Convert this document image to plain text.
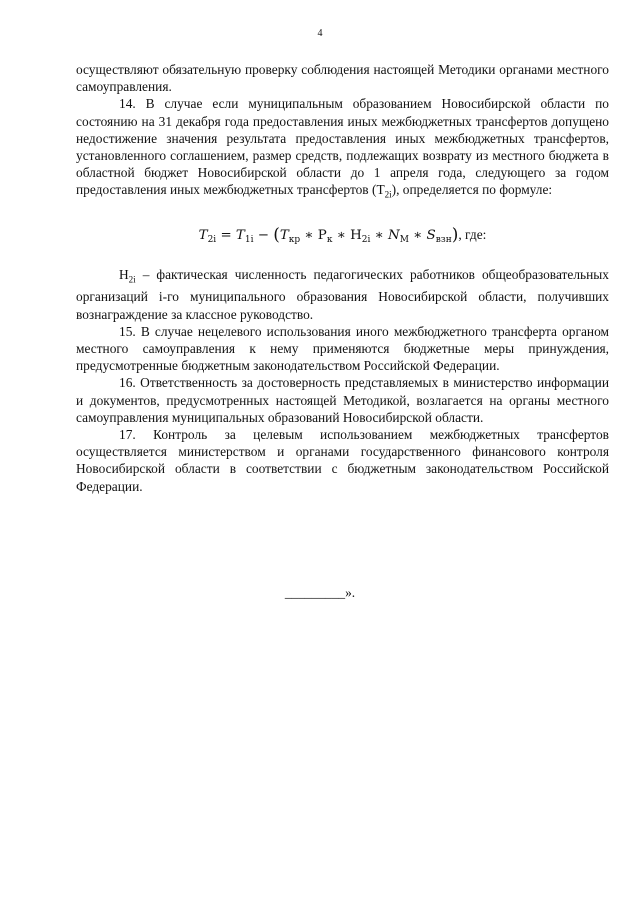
4

осуществляют обязательную проверку соблюдения настоящей Методики органами местного самоуправления.

14. В случае если муниципальным образованием Новосибирской области по состоянию на 31 декабря года предоставления иных межбюджетных трансфертов допущено недостижение значения результата предоставления иных межбюджетных трансфертов, установленного соглашением, размер средств, подлежащих возврату из местного бюджета в областной бюджет Новосибирской области до 1 апреля года, следующего за годом предоставления иных межбюджетных трансфертов $(Т_{2i})$, определяется по формуле:

$T_{2i} = T_{1i} - (T_{кр}$ ∗ $Р_к$ ∗ $Н_{2i}$ ∗ $N_M$ ∗ $S_{взн}$), где:

$Н_{2i}$ – фактическая численность педагогических работников общеобразовательных организаций i-го муниципального образования Новосибирской области, получивших вознаграждение за классное руководство.

15. В случае нецелевого использования иного межбюджетного трансферта органом местного самоуправления к нему применяются бюджетные меры принуждения, предусмотренные бюджетным законодательством Российской Федерации.

16. Ответственность за достоверность представляемых в министерство информации и документов, предусмотренных настоящей Методикой, возлагается на органы местного самоуправления муниципальных образований Новосибирской области.

17. Контроль за целевым использованием межбюджетных трансфертов осуществляется министерством и органами государственного финансового контроля Новосибирской области в соответствии с бюджетным законодательством Российской Федерации.

_________».
